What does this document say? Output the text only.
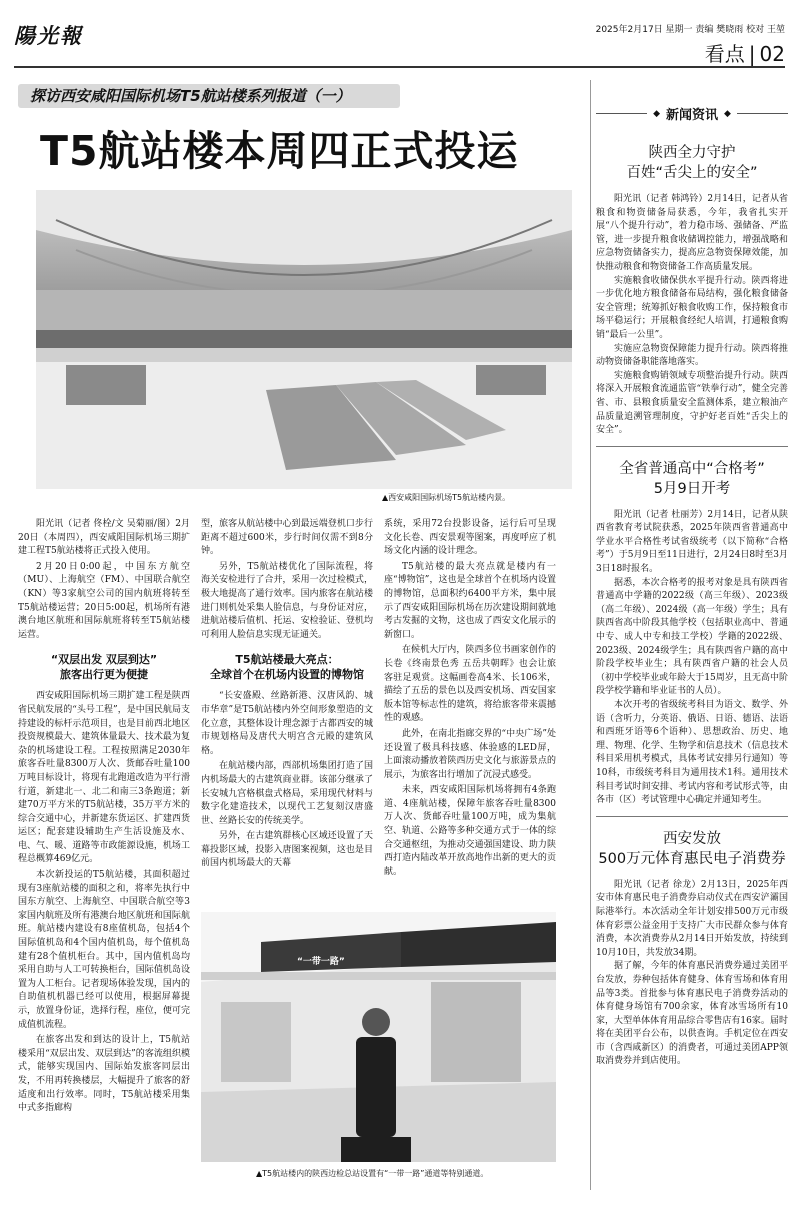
陽光報	2025年2月17日 星期一 责编 樊晓雨 校对 王堃
看点 | 02
探访西安咸阳国际机场T5航站楼系列报道（一）
T5航站楼本周四正式投运
▲西安咸阳国际机场T5航站楼内景。

阳光讯（记者 佟栓/文 吴菊丽/图）2月20日（本周四），西安咸阳国际机场三期扩建工程T5航站楼将正式投入使用。

2月20日0:00起，中国东方航空（MU）、上海航空（FM）、中国联合航空（KN）等3家航空公司的国内航班将转至T5航站楼运营；20日5:00起，机场所有港澳台地区航班和国际航班将转至T5航站楼运营。

“双层出发 双层到达”
旅客出行更为便捷

西安咸阳国际机场三期扩建工程是陕西省民航发展的“头号工程”，是中国民航局支持建设的标杆示范项目，也是目前西北地区投资规模最大、建筑体量最大、技术最为复杂的机场建设工程。工程按照满足2030年旅客吞吐量8300万人次、货邮吞吐量100万吨目标设计，将现有北跑道改造为平行滑行道，新建北一、北二和南三3条跑道；新建70万平方米的T5航站楼，35万平方米的综合交通中心，并新建东货运区、扩建西货运区；配套建设辅助生产生活设施及水、电、气、暖、道路等市政能源设施，机场工程总概算469亿元。

本次新投运的T5航站楼，其面积超过现有3座航站楼的面积之和，将率先执行中国东方航空、上海航空、中国联合航空等3家国内航班及所有港澳台地区航班和国际航班。航站楼内建设有8座值机岛，包括4个国际值机岛和4个国内值机岛，每个值机岛建有28个值机柜台。其中，国内值机岛均采用自助与人工可转换柜台，国际值机岛设置为人工柜台。记者现场体验发现，国内的自助值机机器已经可以使用，根据屏幕提示，放置身份证，选择行程，座位，便可完成值机流程。

在旅客出发和到达的设计上，T5航站楼采用“双层出发、双层到达”的客流组织模式，能够实现国内、国际始发旅客同层出发，不用再转换楼层，大幅提升了旅客的舒适度和出行效率。同时，T5航站楼采用集中式多指廊构

型，旅客从航站楼中心到最远端登机口步行距离不超过600米，步行时间仅需不到8分钟。

另外，T5航站楼优化了国际流程，将海关安检进行了合并，采用一次过检模式，极大地提高了通行效率。国内旅客在航站楼进门则机处采集人脸信息，与身份证对应，进航站楼后值机、托运、安检验证、登机均可利用人脸信息实现无证通关。

T5航站楼最大亮点：
全球首个在机场内设置的博物馆

“长安盛殿、丝路新港、汉唐风韵、城市华章”是T5航站楼内外空间形象塑造的文化立意，其整体设计理念源于古都西安的城市规划格局及唐代大明宫含元殿的建筑风格。

在航站楼内部，西部机场集团打造了国内机场最大的古建筑商业群。该部分继承了长安城九宫格棋盘式格局，采用现代材料与数字化建造技术，以现代工艺复刻汉唐盛世、丝路长安的传统美学。

另外，在古建筑群核心区域还设置了天幕投影区域，投影入唐图案视频，这也是目前国内机场最大的天幕

系统，采用72台投影设备，运行后可呈现文化长卷、西安景观等图案，再度呼应了机场文化内涵的设计理念。

T5航站楼的最大亮点就是楼内有一座“博物馆”，这也是全球首个在机场内设置的博物馆，总面积约6400平方米，集中展示了西安咸阳国际机场在历次建设期间就地考古发掘的文物，这也成了西安文化展示的新窗口。

在候机大厅内，陕西多位书画家创作的长卷《终南景色秀 五岳共朝晖》也会让旅客驻足观赏。这幅画卷高4米、长106米，描绘了五岳的景色以及西安机场、西安国家版本馆等标志性的建筑，将给旅客带来震撼性的观感。

此外，在南北指廊交界的“中央广场”处还设置了极具科技感、体验感的LED屏，上面滚动播放着陕西历史文化与旅游景点的展示，为旅客出行增加了沉浸式感受。

未来，西安咸阳国际机场将拥有4条跑道、4座航站楼，保障年旅客吞吐量8300万人次、货邮吞吐量100万吨，成为集航空、轨道、公路等多种交通方式于一体的综合交通枢纽，为推动交通强国建设、助力陕西打造内陆改革开放高地作出新的更大的贡献。

“一带一路”
▲T5航站楼内的陕西边检总站设置有“一带一路”通道等特别通道。
◆ 新闻资讯 ◆
陕西全力守护
百姓“舌尖上的安全”

阳光讯（记者 韩鸿铃）2月14日，记者从省粮食和物资储备局获悉，今年，我省扎实开展“八个提升行动”，着力稳市场、强储备、严监管，进一步提升粮食收储调控能力，增强战略和应急物资储备实力，提高应急物资保障效能，加快推动粮食和物资储备工作高质量发展。

实施粮食收储保供水平提升行动。陕西将进一步优化地方粮食储备布局结构，强化粮食储备安全管理；统筹抓好粮食收购工作，保持粮食市场平稳运行；开展粮食经纪人培训，打通粮食购销“最后一公里”。

实施应急物资保障能力提升行动。陕西将推动物资储备职能落地落实。

实施粮食购销领域专项整治提升行动。陕西将深入开展粮食流通监管“铁拳行动”，健全完善省、市、县粮食质量安全监测体系，建立粮油产品质量追溯管理制度，守护好老百姓“舌尖上的安全”。

全省普通高中“合格考”
5月9日开考

阳光讯（记者 杜丽芳）2月14日，记者从陕西省教育考试院获悉，2025年陕西省普通高中学业水平合格性考试省级统考（以下简称“合格考”）于5月9日至11日进行，2月24日8时至3月3日18时报名。

据悉，本次合格考的报考对象是具有陕西省普通高中学籍的2022级（高三年级）、2023级（高二年级）、2024级（高一年级）学生；具有陕西省高中阶段其他学校（包括职业高中、普通中专、成人中专和技工学校）学籍的2022级、2023级、2024级学生；具有陕西省户籍的高中阶段学校毕业生；具有陕西省户籍的社会人员（初中学校毕业或年龄大于15周岁，且无高中阶段学校学籍和毕业证书的人员）。

本次开考的省级统考科目为语文、数学、外语（含听力，分英语、俄语、日语、德语、法语和西班牙语等6个语种）、思想政治、历史、地理、物理、化学、生物学和信息技术（信息技术科目采用机考模式，具体考试安排另行通知）等10科，市级统考科目为通用技术1科。通用技术科目考试时间安排、考试内容和考试形式等，由各市（区）考试管理中心确定并通知考生。

西安发放
500万元体育惠民电子消费券

阳光讯（记者 徐龙）2月13日，2025年西安市体育惠民电子消费券启动仪式在西安浐灞国际港举行。本次活动全年计划安排500万元市级体育彩票公益金用于支持广大市民群众参与体育消费，本次消费券从2月14日开始发放，持续到10月10日，共发放34期。

据了解，今年的体育惠民消费券通过美团平台发放，券种包括体育健身、体育雪场和体育用品等3类。首批参与体育惠民电子消费券活动的体育健身场馆有700余家，体育冰雪场所有10家，大型单体体育用品综合零售店有16家。届时将在美团平台公布，以供查询。手机定位在西安市（含西咸新区）的消费者，可通过美团APP领取消费券并到店使用。
